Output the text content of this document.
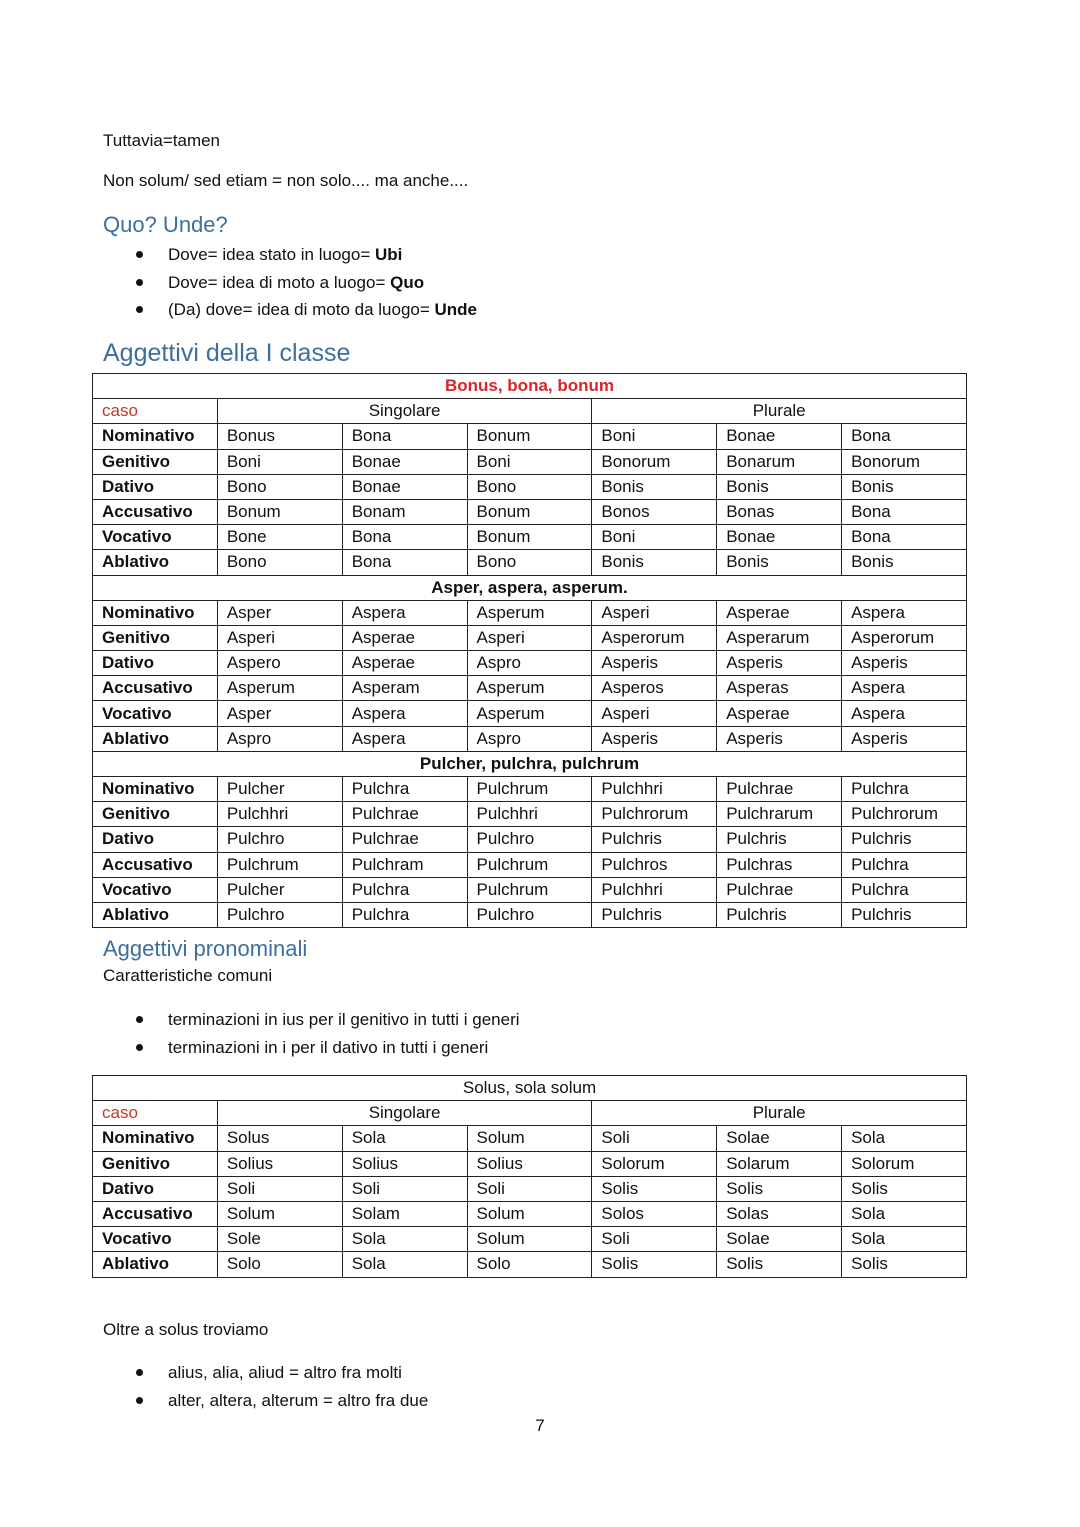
Tuttavia=tamen
Non solum/ sed etiam = non solo.... ma anche....
Quo? Unde?
Dove= idea stato in luogo= Ubi
Dove= idea di moto a luogo= Quo
(Da) dove= idea di moto da luogo= Unde
Aggettivi della I classe
Bonus, bona, bonum						
caso	Singolare			Plurale		
Nominativo	Bonus	Bona	Bonum	Boni	Bonae	Bona
Genitivo	Boni	Bonae	Boni	Bonorum	Bonarum	Bonorum
Dativo	Bono	Bonae	Bono	Bonis	Bonis	Bonis
Accusativo	Bonum	Bonam	Bonum	Bonos	Bonas	Bona
Vocativo	Bone	Bona	Bonum	Boni	Bonae	Bona
Ablativo	Bono	Bona	Bono	Bonis	Bonis	Bonis
Asper, aspera, asperum.						
Nominativo	Asper	Aspera	Asperum	Asperi	Asperae	Aspera
Genitivo	Asperi	Asperae	Asperi	Asperorum	Asperarum	Asperorum
Dativo	Aspero	Asperae	Aspro	Asperis	Asperis	Asperis
Accusativo	Asperum	Asperam	Asperum	Asperos	Asperas	Aspera
Vocativo	Asper	Aspera	Asperum	Asperi	Asperae	Aspera
Ablativo	Aspro	Aspera	Aspro	Asperis	Asperis	Asperis
Pulcher, pulchra, pulchrum						
Nominativo	Pulcher	Pulchra	Pulchrum	Pulchhri	Pulchrae	Pulchra
Genitivo	Pulchhri	Pulchrae	Pulchhri	Pulchrorum	Pulchrarum	Pulchrorum
Dativo	Pulchro	Pulchrae	Pulchro	Pulchris	Pulchris	Pulchris
Accusativo	Pulchrum	Pulchram	Pulchrum	Pulchros	Pulchras	Pulchra
Vocativo	Pulcher	Pulchra	Pulchrum	Pulchhri	Pulchrae	Pulchra
Ablativo	Pulchro	Pulchra	Pulchro	Pulchris	Pulchris	Pulchris
Aggettivi pronominali
Caratteristiche comuni
terminazioni in ius per il genitivo in tutti i generi
terminazioni in i per il dativo in tutti i generi
Solus, sola solum						
caso	Singolare			Plurale		
Nominativo	Solus	Sola	Solum	Soli	Solae	Sola
Genitivo	Solius	Solius	Solius	Solorum	Solarum	Solorum
Dativo	Soli	Soli	Soli	Solis	Solis	Solis
Accusativo	Solum	Solam	Solum	Solos	Solas	Sola
Vocativo	Sole	Sola	Solum	Soli	Solae	Sola
Ablativo	Solo	Sola	Solo	Solis	Solis	Solis
Oltre a solus troviamo
alius, alia, aliud = altro fra molti
alter, altera, alterum = altro fra due
7
